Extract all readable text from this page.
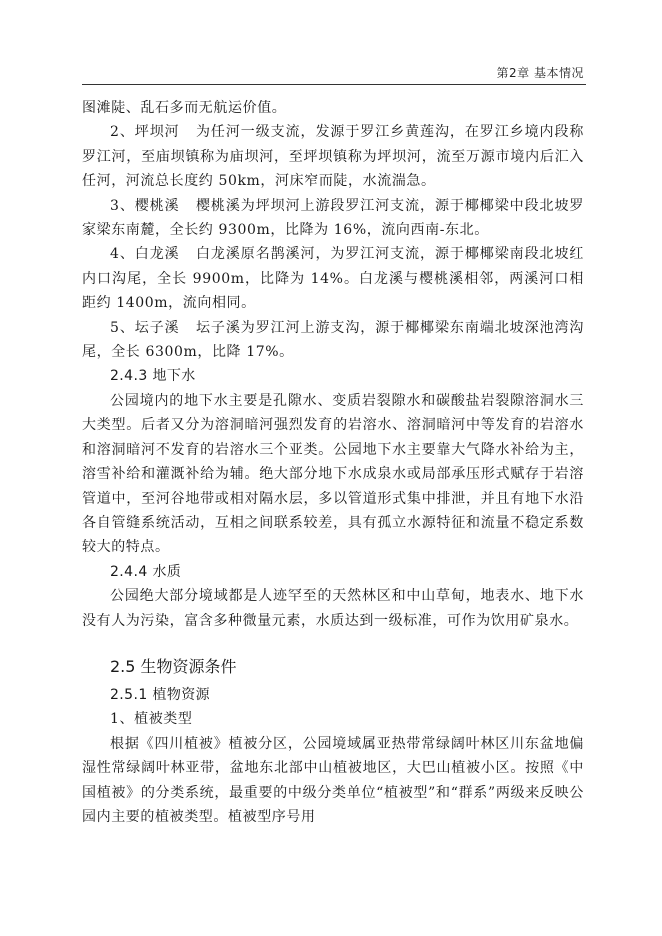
第2章 基本情况

图滩陡、乱石多而无航运价值。

2、坪坝河 为任河一级支流，发源于罗江乡黄莲沟，在罗江乡境内段称罗江河，至庙坝镇称为庙坝河，至坪坝镇称为坪坝河，流至万源市境内后汇入任河，河流总长度约 50km，河床窄而陡，水流湍急。

3、樱桃溪 樱桃溪为坪坝河上游段罗江河支流，源于椰椰梁中段北坡罗家梁东南麓，全长约 9300m，比降为 16%，流向西南-东北。

4、白龙溪 白龙溪原名鹊溪河，为罗江河支流，源于椰椰梁南段北坡红内口沟尾，全长 9900m，比降为 14%。白龙溪与樱桃溪相邻，两溪河口相距约 1400m，流向相同。

5、坛子溪 坛子溪为罗江河上游支沟，源于椰椰梁东南端北坡深池湾沟尾，全长 6300m，比降 17%。

2.4.3 地下水

公园境内的地下水主要是孔隙水、变质岩裂隙水和碳酸盐岩裂隙溶洞水三大类型。后者又分为溶洞暗河强烈发育的岩溶水、溶洞暗河中等发育的岩溶水和溶洞暗河不发育的岩溶水三个亚类。公园地下水主要靠大气降水补给为主，溶雪补给和灌溉补给为辅。绝大部分地下水成泉水或局部承压形式赋存于岩溶管道中，至河谷地带或相对隔水层，多以管道形式集中排泄，并且有地下水沿各自管缝系统活动，互相之间联系较差，具有孤立水源特征和流量不稳定系数较大的特点。

2.4.4 水质

公园绝大部分境域都是人迹罕至的天然林区和中山草甸，地表水、地下水没有人为污染，富含多种微量元素，水质达到一级标准，可作为饮用矿泉水。

2.5 生物资源条件

2.5.1 植物资源

1、植被类型

根据《四川植被》植被分区，公园境域属亚热带常绿阔叶林区川东盆地偏湿性常绿阔叶林亚带，盆地东北部中山植被地区，大巴山植被小区。按照《中国植被》的分类系统，最重要的中级分类单位“植被型”和“群系”两级来反映公园内主要的植被类型。植被型序号用
